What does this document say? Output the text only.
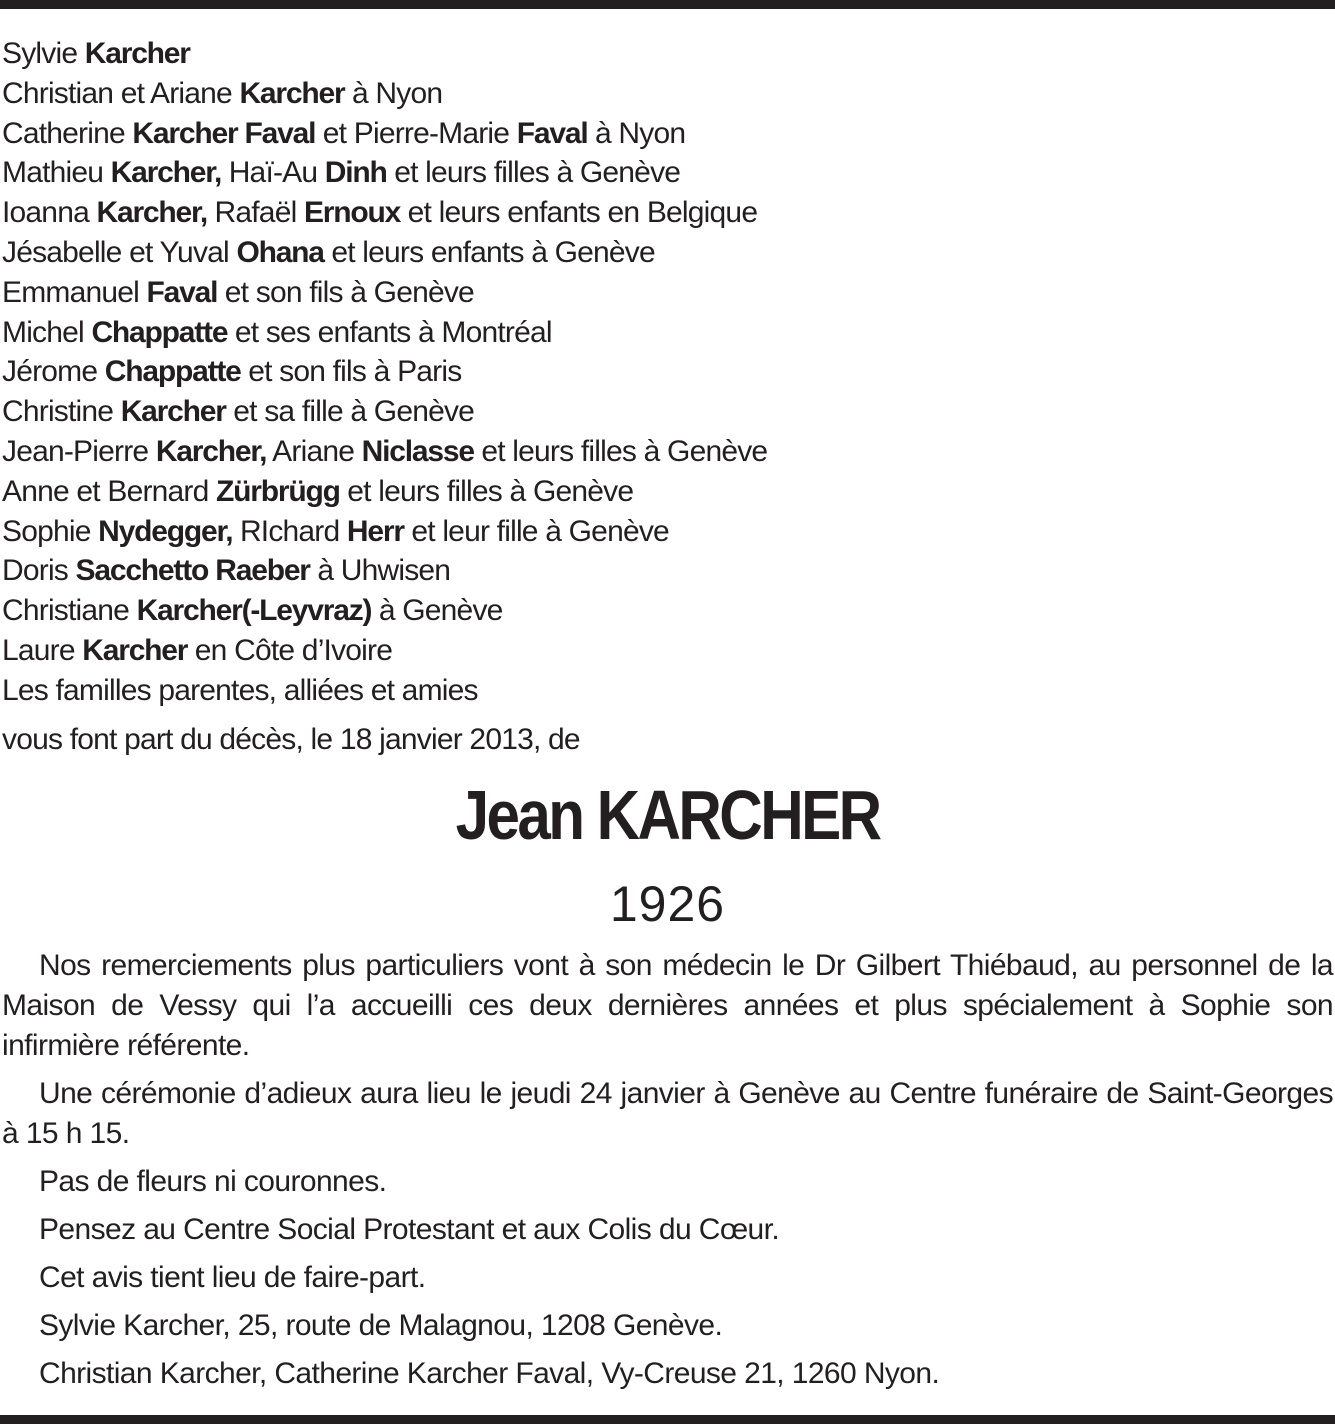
Sylvie Karcher
Christian et Ariane Karcher à Nyon
Catherine Karcher Faval et Pierre-Marie Faval à Nyon
Mathieu Karcher, Haï-Au Dinh et leurs filles à Genève
Ioanna Karcher, Rafaël Ernoux et leurs enfants en Belgique
Jésabelle et Yuval Ohana et leurs enfants à Genève
Emmanuel Faval et son fils à Genève
Michel Chappatte et ses enfants à Montréal
Jérome Chappatte et son fils à Paris
Christine Karcher et sa fille à Genève
Jean-Pierre Karcher, Ariane Niclasse et leurs filles à Genève
Anne et Bernard Zürbrügg et leurs filles à Genève
Sophie Nydegger, RIchard Herr et leur fille à Genève
Doris Sacchetto Raeber à Uhwisen
Christiane Karcher(-Leyvraz) à Genève
Laure Karcher en Côte d’Ivoire
Les familles parentes, alliées et amies
vous font part du décès, le 18 janvier 2013, de
Jean KARCHER
1926

Nos remerciements plus particuliers vont à son médecin le Dr Gilbert Thiébaud, au personnel de la Maison de Vessy qui l’a accueilli ces deux dernières années et plus spécialement à Sophie son infirmière référente.

Une cérémonie d’adieux aura lieu le jeudi 24 janvier à Genève au Centre funéraire de Saint-Georges à 15 h 15.

Pas de fleurs ni couronnes.

Pensez au Centre Social Protestant et aux Colis du Cœur.

Cet avis tient lieu de faire-part.

Sylvie Karcher, 25, route de Malagnou, 1208 Genève.

Christian Karcher, Catherine Karcher Faval, Vy-Creuse 21, 1260 Nyon.
